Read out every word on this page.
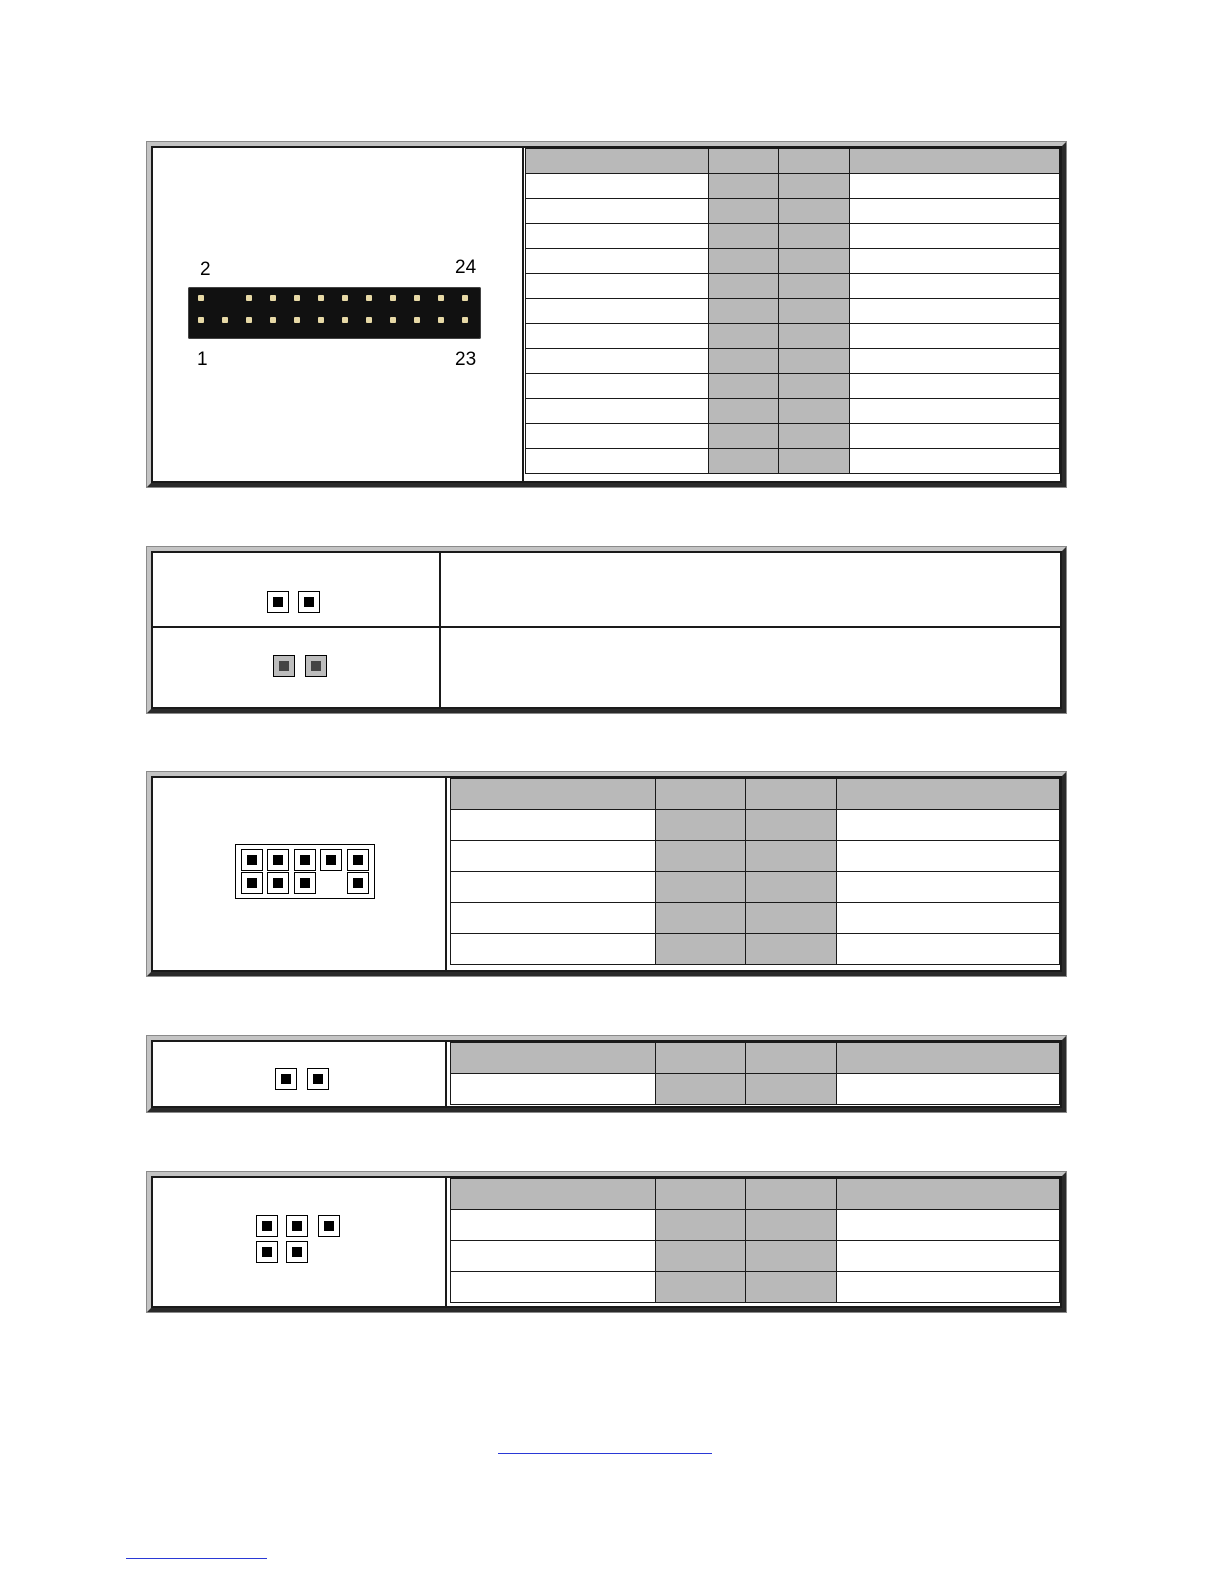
2	24
1	23
